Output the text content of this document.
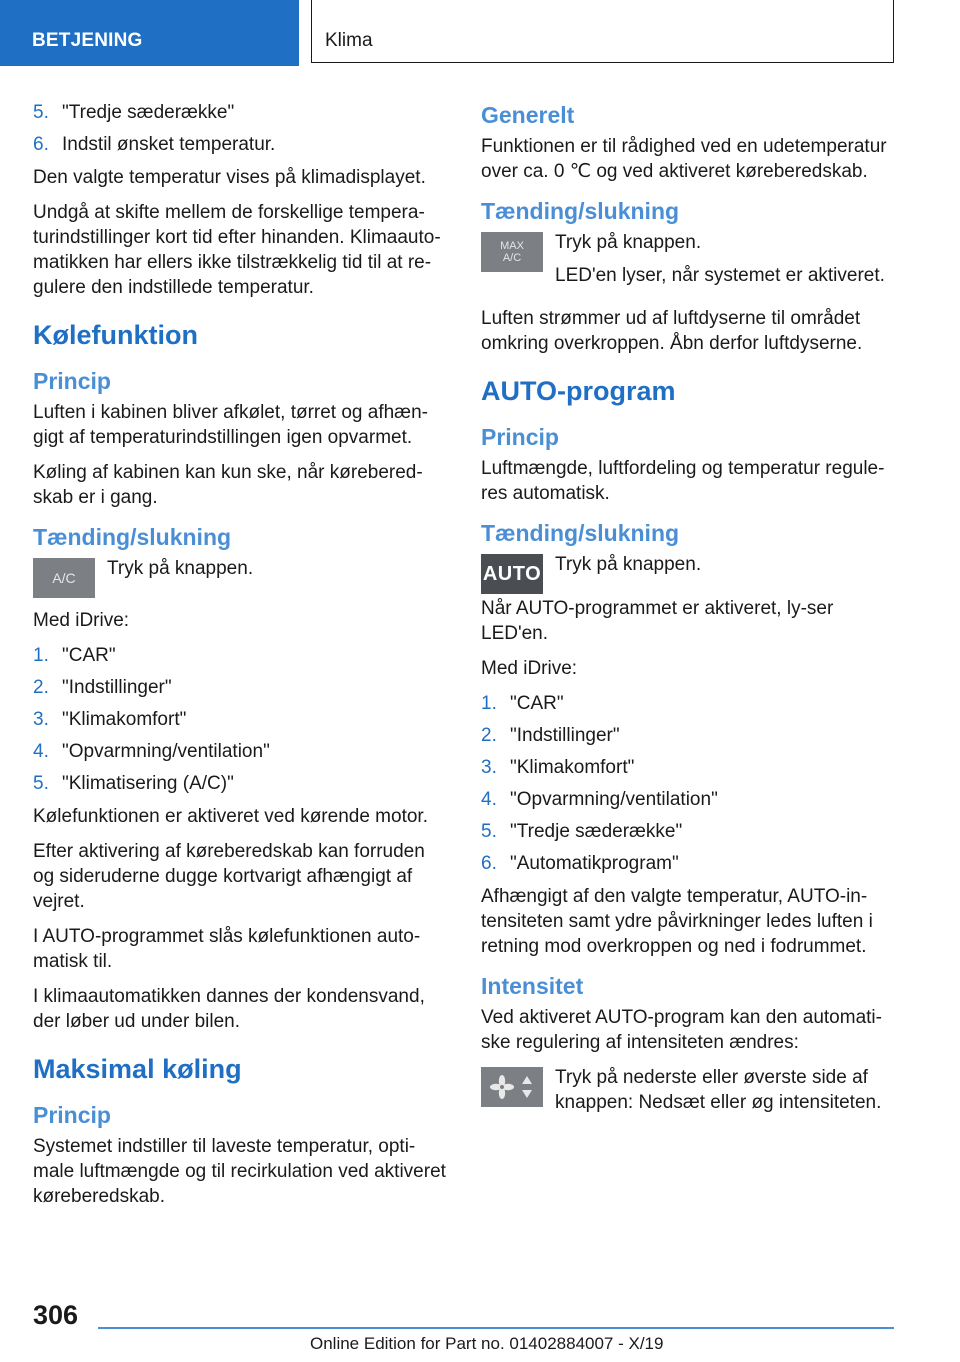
BETJENING	Klima
5. "Tredje sæderække"
6. Indstil ønsket temperatur.

Den valgte temperatur vises på klimadisplayet.

Undgå at skifte mellem de forskellige tempera‐turindstillinger kort tid efter hinanden. Klimaauto‐matikken har ellers ikke tilstrækkelig tid til at re‐gulere den indstillede temperatur.

Kølefunktion
Princip

Luften i kabinen bliver afkølet, tørret og afhæn‐gigt af temperaturindstillingen igen opvarmet.

Køling af kabinen kan kun ske, når kørebered‐skab er i gang.

Tænding/slukning
A/C Tryk på knappen.

Med iDrive:

1. "CAR"
2. "Indstillinger"
3. "Klimakomfort"
4. "Opvarmning/ventilation"
5. "Klimatisering (A/C)"

Kølefunktionen er aktiveret ved kørende motor.

Efter aktivering af køreberedskab kan forruden og sideruderne dugge kortvarigt afhængigt af vejret.

I AUTO-programmet slås kølefunktionen auto‐matisk til.

I klimaautomatikken dannes der kondensvand, der løber ud under bilen.

Maksimal køling
Princip

Systemet indstiller til laveste temperatur, opti‐male luftmængde og til recirkulation ved aktiveret køreberedskab.

Generelt

Funktionen er til rådighed ved en udetemperatur over ca. 0 ℃ og ved aktiveret køreberedskab.

Tænding/slukning
MAX
A/C

Tryk på knappen.

LED'en lyser, når systemet er aktiveret.

Luften strømmer ud af luftdyserne til området omkring overkroppen. Åbn derfor luftdyserne.

AUTO-program
Princip

Luftmængde, luftfordeling og temperatur regule‐res automatisk.

Tænding/slukning
AUTO Tryk på knappen.

Når AUTO-programmet er aktiveret, ly‐ser LED'en.

Med iDrive:

1. "CAR"
2. "Indstillinger"
3. "Klimakomfort"
4. "Opvarmning/ventilation"
5. "Tredje sæderække"
6. "Automatikprogram"

Afhængigt af den valgte temperatur, AUTO-in‐tensiteten samt ydre påvirkninger ledes luften i retning mod overkroppen og ned i fodrummet.

Intensitet

Ved aktiveret AUTO-program kan den automati‐ske regulering af intensiteten ændres:

Tryk på nederste eller øverste side af knappen: Nedsæt eller øg intensiteten.

306
Online Edition for Part no. 01402884007 - X/19
